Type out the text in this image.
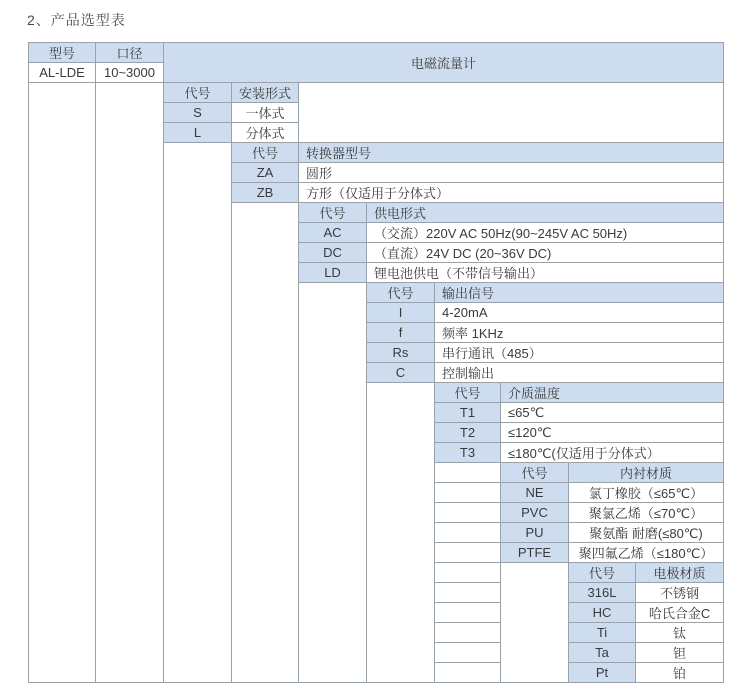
2、产品选型表
型号	口径	电磁流量计							
AL-LDE	10~3000								
		代号	安装形式						
		S	一体式						
		L	分体式						
			代号	转换器型号					
			ZA	圆形					
			ZB	方形（仅适用于分体式）					
				代号	供电形式				
				AC	（交流）220V AC 50Hz(90~245V AC 50Hz)				
				DC	（直流）24V DC (20~36V DC)				
				LD	锂电池供电（不带信号输出）				
					代号	输出信号			
					I	4-20mA			
					f	频率 1KHz			
					Rs	串行通讯（485）			
					C	控制输出			
						代号	介质温度		
						T1	≤65℃		
						T2	≤120℃		
						T3	≤180℃(仅适用于分体式）		
							代号	内衬材质	
							NE	氯丁橡胶（≤65℃）	
							PVC	聚氯乙烯（≤70℃）	
							PU	聚氨酯 耐磨(≤80℃)	
							PTFE	聚四氟乙烯（≤180℃）	
								代号	电极材质
								316L	不锈钢
								HC	哈氏合金C
								Ti	钛
								Ta	钽
								Pt	铂
